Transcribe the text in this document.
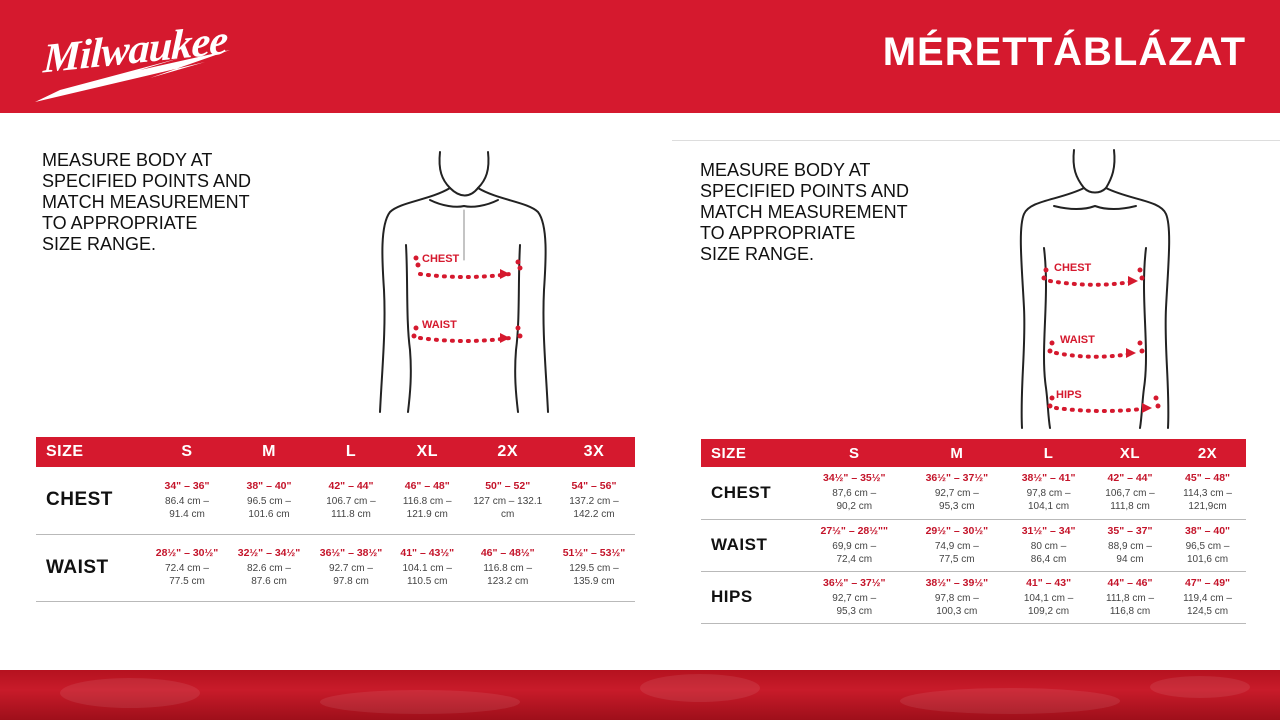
Milwaukee	MÉRETTÁBLÁZAT
MEASURE BODY AT
SPECIFIED POINTS AND
MATCH MEASUREMENT
TO APPROPRIATE
SIZE RANGE.
CHEST
WAIST
SIZE	S	M	L	XL	2X	3X
CHEST	34" – 36"
86.4 cm –
91.4 cm	38" – 40"
96.5 cm –
101.6 cm	42" – 44"
106.7 cm –
111.8 cm	46" – 48"
116.8 cm –
121.9 cm	50" – 52"
127 cm – 132.1
cm	54" – 56"
137.2 cm –
142.2 cm

WAIST	28½" – 30½"
72.4 cm –
77.5 cm	32½" – 34½"
82.6 cm –
87.6 cm	36½" – 38½"
92.7 cm –
97.8 cm	41" – 43½"
104.1 cm –
110.5 cm	46" – 48½"
116.8 cm –
123.2 cm	51½" – 53½"
129.5 cm –
135.9 cm
MEASURE BODY AT
SPECIFIED POINTS AND
MATCH MEASUREMENT
TO APPROPRIATE
SIZE RANGE.
CHEST
WAIST
HIPS
SIZE	S	M	L	XL	2X
CHEST	34½" – 35½"
87,6 cm –
90,2 cm	36½" – 37½"
92,7 cm –
95,3 cm	38½" – 41"
97,8 cm –
104,1 cm	42" – 44"
106,7 cm –
111,8 cm	45" – 48"
114,3 cm –
121,9cm

WAIST	27½" – 28½""
69,9 cm –
72,4 cm	29½" – 30½"
74,9 cm –
77,5 cm	31½" – 34"
80 cm –
86,4 cm	35" – 37"
88,9 cm –
94 cm	38" – 40"
96,5 cm –
101,6 cm

HIPS	36½" – 37½"
92,7 cm –
95,3 cm	38½" – 39½"
97,8 cm –
100,3 cm	41" – 43"
104,1 cm –
109,2 cm	44" – 46"
111,8 cm –
116,8 cm	47" – 49"
119,4 cm –
124,5 cm
